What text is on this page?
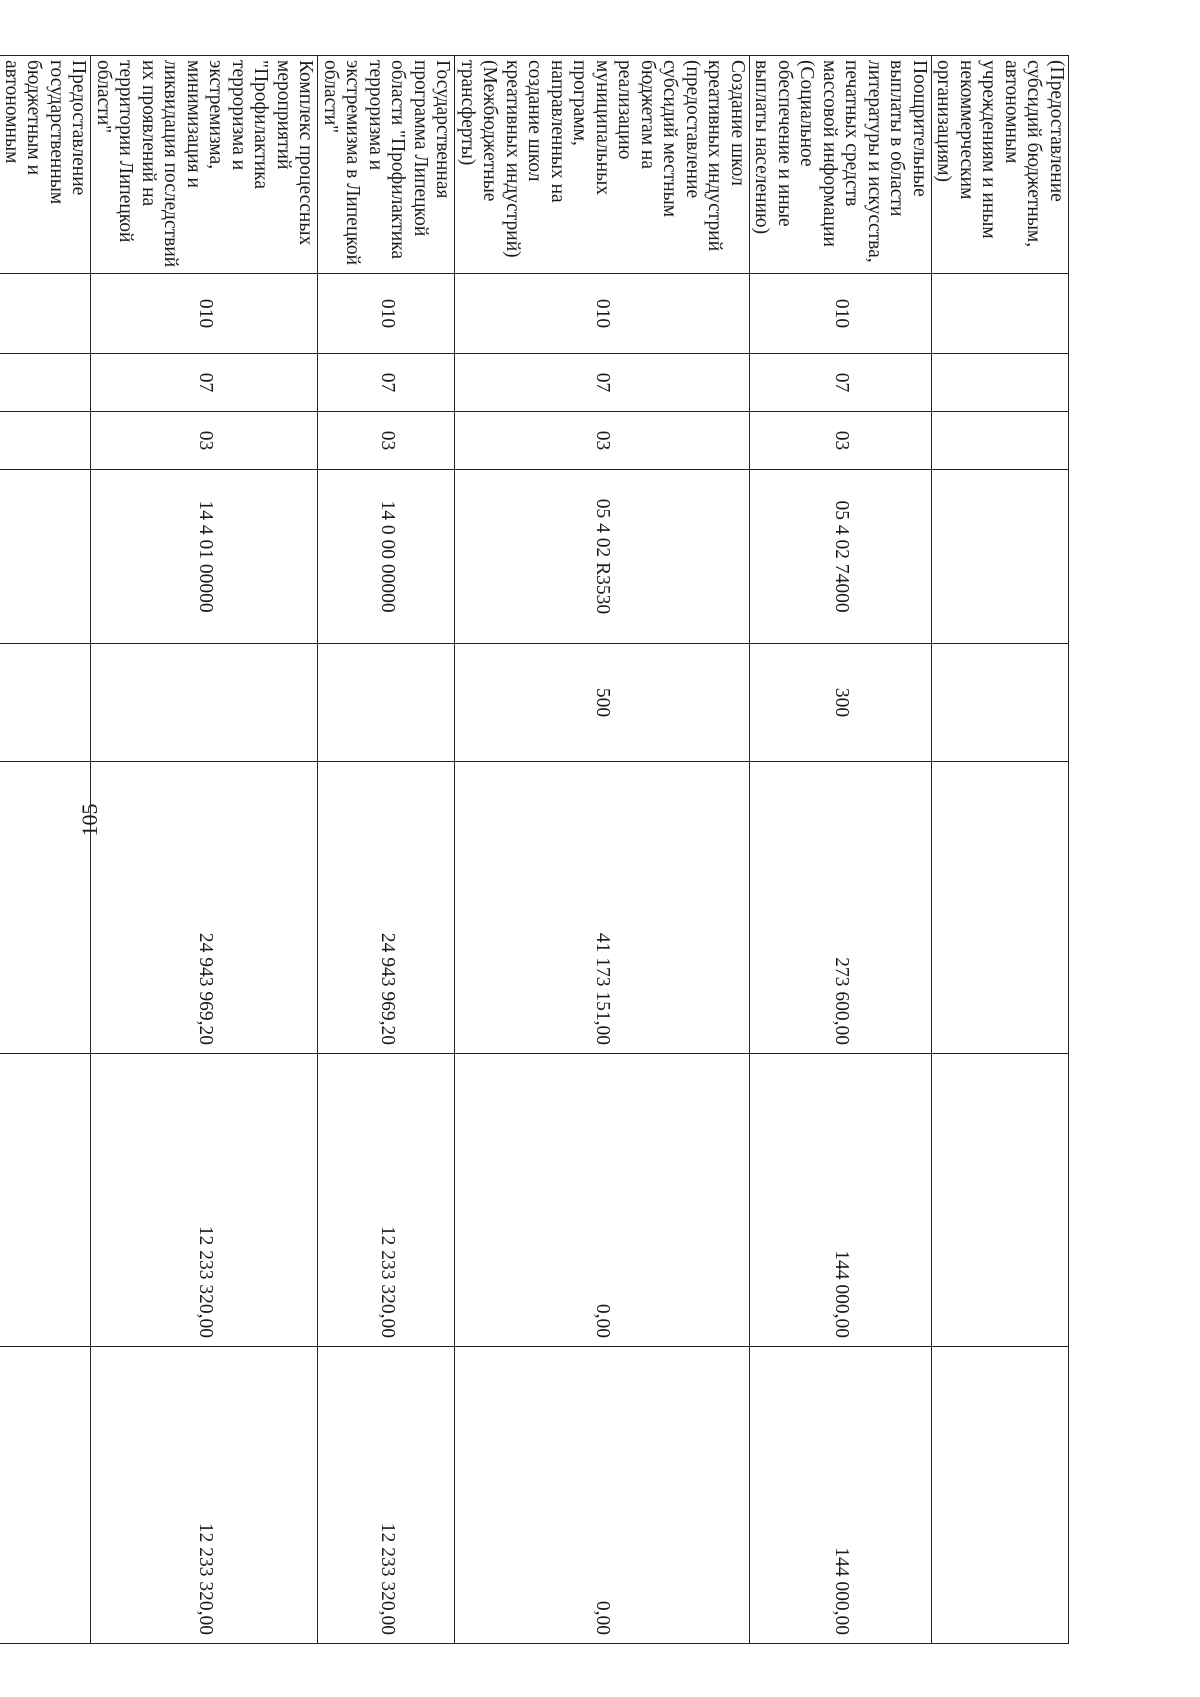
105
(Предоставление субсидий бюджетным, автономным учреждениям и иным некоммерческим организациям)								
Поощрительные выплаты в области литературы и искусства, печатных средств массовой информации (Социальное обеспечение и иные выплаты населению)	010	07	03	05 4 02 74000	300	273 600,00	144 000,00	144 000,00
Создание школ креативных индустрий (предоставление субсидий местным бюджетам на реализацию муниципальных программ, направленных на создание школ креативных индустрий) (Межбюджетные трансферты)	010	07	03	05 4 02 R3530	500	41 173 151,00	0,00	0,00
Государственная программа Липецкой области "Профилактика терроризма и экстремизма в Липецкой области"	010	07	03	14 0 00 00000		24 943 969,20	12 233 320,00	12 233 320,00
Комплекс процессных мероприятий "Профилактика терроризма и экстремизма, минимизация и ликвидация последствий их проявлений на территории Липецкой области"	010	07	03	14 4 01 00000		24 943 969,20	12 233 320,00	12 233 320,00
Предоставление государственным бюджетным и автономным								
